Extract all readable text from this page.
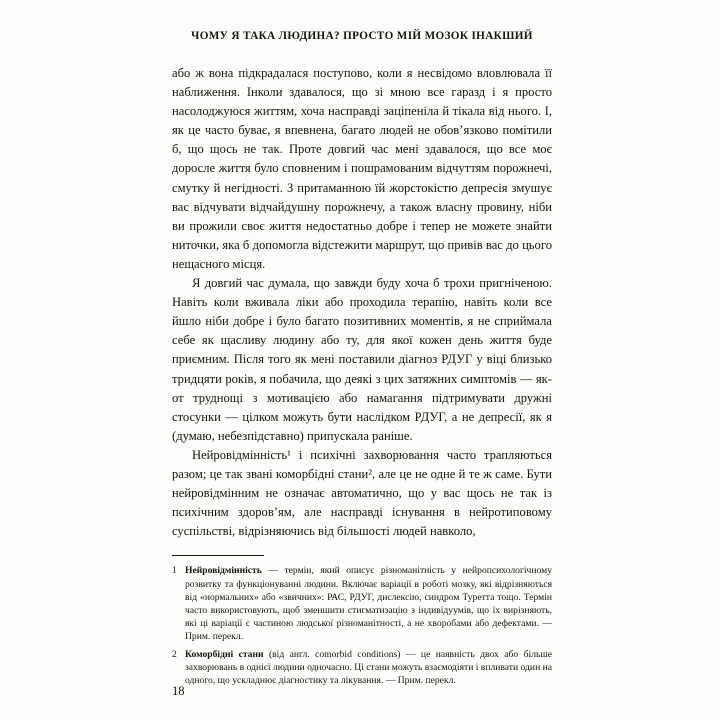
ЧОМУ Я ТАКА ЛЮДИНА? ПРОСТО МІЙ МОЗОК ІНАКШИЙ

або ж вона підкрадалася поступово, коли я несвідомо вловлювала її наближення. Інколи здавалося, що зі мною все гаразд і я просто насолоджуюся життям, хоча насправді заціпеніла й тікала від нього. І, як це часто буває, я впевнена, багато людей не обов’язково помітили б, що щось не так. Проте довгий час мені здавалося, що все моє доросле життя було сповненим і пошрамованим відчуттям порожнечі, смутку й негідності. З притаманною їй жорстокістю депресія змушує вас відчувати відчайдушну порожнечу, а також власну провину, ніби ви прожили своє життя недостатньо добре і тепер не можете знайти ниточки, яка б допомогла відстежити маршрут, що привів вас до цього нещасного місця.

Я довгий час думала, що завжди буду хоча б трохи пригніченою. Навіть коли вживала ліки або проходила терапію, навіть коли все йшло ніби добре і було багато позитивних моментів, я не сприймала себе як щасливу людину або ту, для якої кожен день життя буде приємним. Після того як мені поставили діагноз РДУГ у віці близько тридцяти років, я побачила, що деякі з цих затяжних симптомів — як-от труднощі з мотивацією або намагання підтримувати дружні стосунки — цілком можуть бути наслідком РДУГ, а не депресії, як я (думаю, небезпідставно) припускала раніше.

Нейровідмінність¹ і психічні захворювання часто трапляються разом; це так звані коморбідні стани², але це не одне й те ж саме. Бути нейровідмінним не означає автоматично, що у вас щось не так із психічним здоров’ям, але насправді існування в нейротиповому суспільстві, відрізняючись від більшості людей навколо,

1 Нейровідмінність — термін, який описує різноманітність у нейропсихологічному розвитку та функціонуванні людини. Включає варіації в роботі мозку, які відрізняються від «нормальних» або «звичних»: РАС, РДУГ, дислексію, синдром Туретта тощо. Термін часто використовують, щоб зменшити стигматизацію з індивідуумів, що їх вирізняють, які ці варіації є частиною людської різноманітності, а не хворобами або дефектами. — Прим. перекл.
2 Коморбідні стани (від англ. comorbid conditions) — це наявність двох або більше захворювань в однієї людини одночасно. Ці стани можуть взаємодіяти і впливати один на одного, що ускладнює діагностику та лікування. — Прим. перекл.
18
